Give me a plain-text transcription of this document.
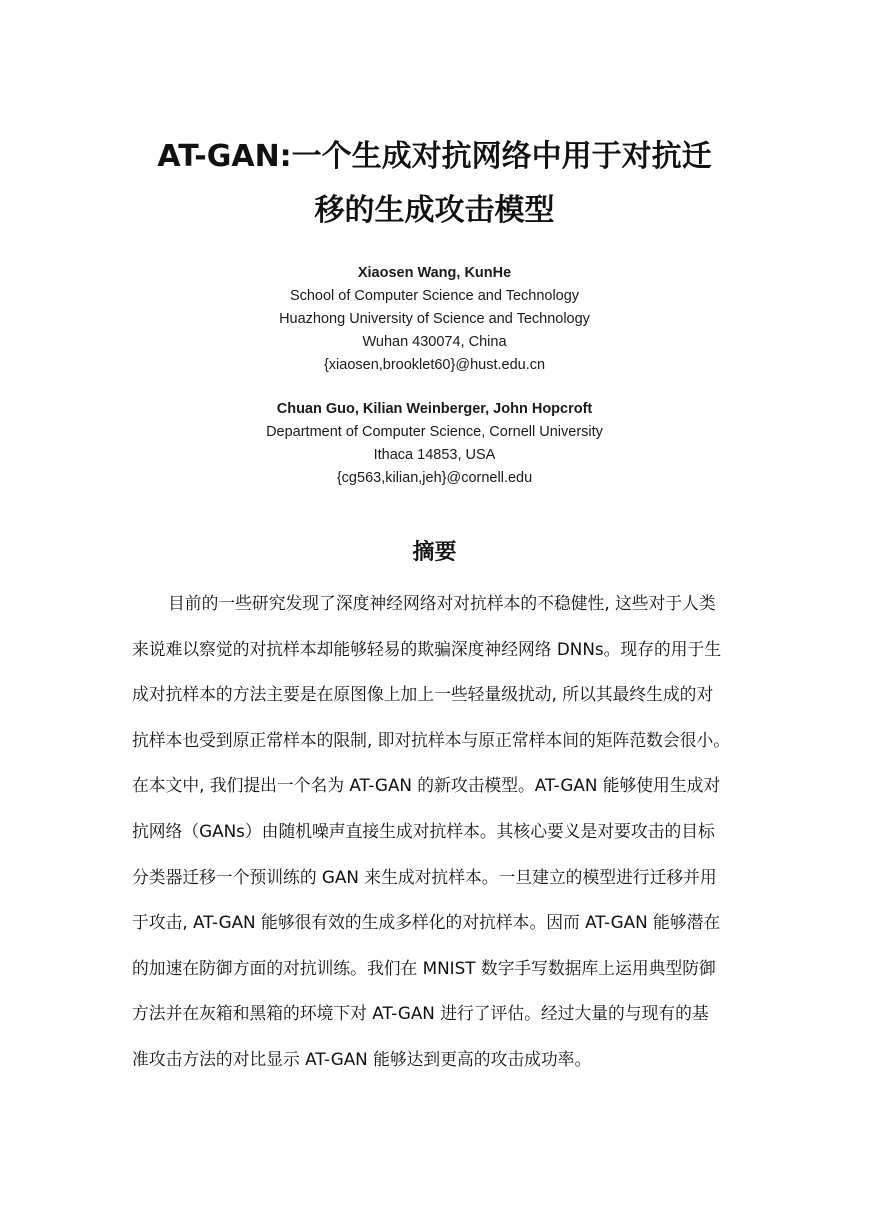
AT-GAN:一个生成对抗网络中用于对抗迁
移的生成攻击模型
Xiaosen Wang, KunHe
School of Computer Science and Technology
Huazhong University of Science and Technology
Wuhan 430074, China
{xiaosen,brooklet60}@hust.edu.cn
Chuan Guo, Kilian Weinberger, John Hopcroft
Department of Computer Science, Cornell University
Ithaca 14853, USA
{cg563,kilian,jeh}@cornell.edu
摘要
目前的一些研究发现了深度神经网络对对抗样本的不稳健性, 这些对于人类
来说难以察觉的对抗样本却能够轻易的欺骗深度神经网络 DNNs。现存的用于生
成对抗样本的方法主要是在原图像上加上一些轻量级扰动, 所以其最终生成的对
抗样本也受到原正常样本的限制, 即对抗样本与原正常样本间的矩阵范数会很小。
在本文中, 我们提出一个名为 AT-GAN 的新攻击模型。AT-GAN 能够使用生成对
抗网络（GANs）由随机噪声直接生成对抗样本。其核心要义是对要攻击的目标
分类器迁移一个预训练的 GAN 来生成对抗样本。一旦建立的模型进行迁移并用
于攻击, AT-GAN 能够很有效的生成多样化的对抗样本。因而 AT-GAN 能够潜在
的加速在防御方面的对抗训练。我们在 MNIST 数字手写数据库上运用典型防御
方法并在灰箱和黑箱的环境下对 AT-GAN 进行了评估。经过大量的与现有的基
准攻击方法的对比显示 AT-GAN 能够达到更高的攻击成功率。
